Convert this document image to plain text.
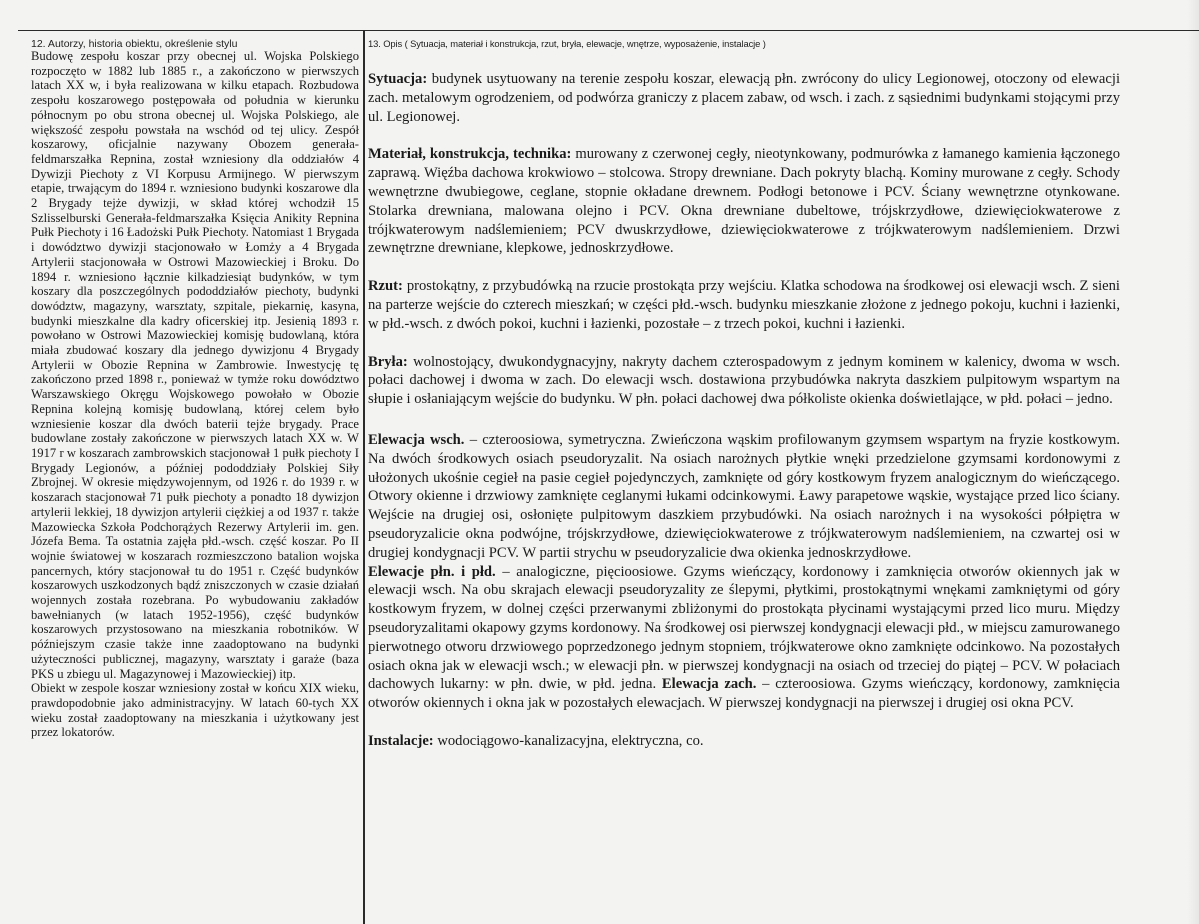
12. Autorzy, historia obiektu, określenie stylu	13. Opis ( Sytuacja, materiał i konstrukcja, rzut, bryła, elewacje, wnętrze, wyposażenie, instalacje )

Budowę zespołu koszar przy obecnej ul. Wojska Polskiego rozpoczęto w 1882 lub 1885 r., a zakończono w pierwszych latach XX w, i była realizowana w kilku etapach. Rozbudowa zespołu koszarowego postępowała od południa w kierunku północnym po obu strona obecnej ul. Wojska Polskiego, ale większość zespołu powstała na wschód od tej ulicy. Zespół koszarowy, oficjalnie nazywany Obozem generała-feldmarszałka Repnina, został wzniesiony dla oddziałów 4 Dywizji Piechoty z VI Korpusu Armijnego. W pierwszym etapie, trwającym do 1894 r. wzniesiono budynki koszarowe dla 2 Brygady tejże dywizji, w skład której wchodził 15 Szlisselburski Generała-feldmarszałka Księcia Anikity Repnina Pułk Piechoty i 16 Ładożski Pułk Piechoty. Natomiast 1 Brygada i dowództwo dywizji stacjonowało w Łomży a 4 Brygada Artylerii stacjonowała w Ostrowi Mazowieckiej i Broku. Do 1894 r. wzniesiono łącznie kilkadziesiąt budynków, w tym koszary dla poszczególnych pododdziałów piechoty, budynki dowództw, magazyny, warsztaty, szpitale, piekarnię, kasyna, budynki mieszkalne dla kadry oficerskiej itp. Jesienią 1893 r. powołano w Ostrowi Mazowieckiej komisję budowlaną, która miała zbudować koszary dla jednego dywizjonu 4 Brygady Artylerii w Obozie Repnina w Zambrowie. Inwestycję tę zakończono przed 1898 r., ponieważ w tymże roku dowództwo Warszawskiego Okręgu Wojskowego powołało w Obozie Repnina kolejną komisję budowlaną, której celem było wzniesienie koszar dla dwóch baterii tejże brygady. Prace budowlane zostały zakończone w pierwszych latach XX w. W 1917 r w koszarach zambrowskich stacjonował 1 pułk piechoty I Brygady Legionów, a później pododdziały Polskiej Siły Zbrojnej. W okresie międzywojennym, od 1926 r. do 1939 r. w koszarach stacjonował 71 pułk piechoty a ponadto 18 dywizjon artylerii lekkiej, 18 dywizjon artylerii ciężkiej a od 1937 r. także Mazowiecka Szkoła Podchorążych Rezerwy Artylerii im. gen. Józefa Bema. Ta ostatnia zajęła płd.-wsch. część koszar. Po II wojnie światowej w koszarach rozmieszczono batalion wojska pancernych, który stacjonował tu do 1951 r. Część budynków koszarowych uszkodzonych bądź zniszczonych w czasie działań wojennych została rozebrana. Po wybudowaniu zakładów bawełnianych (w latach 1952-1956), część budynków koszarowych przystosowano na mieszkania robotników. W późniejszym czasie także inne zaadoptowano na budynki użyteczności publicznej, magazyny, warsztaty i garaże (baza PKS u zbiegu ul. Magazynowej i Mazowieckiej) itp.

Obiekt w zespole koszar wzniesiony został w końcu XIX wieku, prawdopodobnie jako administracyjny. W latach 60-tych XX wieku został zaadoptowany na mieszkania i użytkowany jest przez lokatorów.

Sytuacja: budynek usytuowany na terenie zespołu koszar, elewacją płn. zwrócony do ulicy Legionowej, otoczony od elewacji zach. metalowym ogrodzeniem, od podwórza graniczy z placem zabaw, od wsch. i zach. z sąsiednimi budynkami stojącymi przy ul. Legionowej.

Materiał, konstrukcja, technika: murowany z czerwonej cegły, nieotynkowany, podmurówka z łamanego kamienia łączonego zaprawą. Więźba dachowa krokwiowo – stolcowa. Stropy drewniane. Dach pokryty blachą. Kominy murowane z cegły. Schody wewnętrzne dwubiegowe, ceglane, stopnie okładane drewnem. Podłogi betonowe i PCV. Ściany wewnętrzne otynkowane. Stolarka drewniana, malowana olejno i PCV. Okna drewniane dubeltowe, trójskrzydłowe, dziewięciokwaterowe z trójkwaterowym nadślemieniem; PCV dwuskrzydłowe, dziewięciokwaterowe z trójkwaterowym nadślemieniem. Drzwi zewnętrzne drewniane, klepkowe, jednoskrzydłowe.

Rzut: prostokątny, z przybudówką na rzucie prostokąta przy wejściu. Klatka schodowa na środkowej osi elewacji wsch. Z sieni na parterze wejście do czterech mieszkań; w części płd.-wsch. budynku mieszkanie złożone z jednego pokoju, kuchni i łazienki, w płd.-wsch. z dwóch pokoi, kuchni i łazienki, pozostałe – z trzech pokoi, kuchni i łazienki.

Bryła: wolnostojący, dwukondygnacyjny, nakryty dachem czterospadowym z jednym kominem w kalenicy, dwoma w wsch. połaci dachowej i dwoma w zach. Do elewacji wsch. dostawiona przybudówka nakryta daszkiem pulpitowym wspartym na słupie i osłaniającym wejście do budynku. W płn. połaci dachowej dwa półkoliste okienka doświetlające, w płd. połaci – jedno.

Elewacja wsch. – czteroosiowa, symetryczna. Zwieńczona wąskim profilowanym gzymsem wspartym na fryzie kostkowym. Na dwóch środkowych osiach pseudoryzalit. Na osiach narożnych płytkie wnęki przedzielone gzymsami kordonowymi z ułożonych ukośnie cegieł na pasie cegieł pojedynczych, zamknięte od góry kostkowym fryzem analogicznym do wieńczącego. Otwory okienne i drzwiowy zamknięte ceglanymi łukami odcinkowymi. Ławy parapetowe wąskie, wystające przed lico ściany. Wejście na drugiej osi, osłonięte pulpitowym daszkiem przybudówki. Na osiach narożnych i na wysokości półpiętra w pseudoryzalicie okna podwójne, trójskrzydłowe, dziewięciokwaterowe z trójkwaterowym nadślemieniem, na czwartej osi w drugiej kondygnacji PCV. W partii strychu w pseudoryzalicie dwa okienka jednoskrzydłowe.

Elewacje płn. i płd. – analogiczne, pięcioosiowe. Gzyms wieńczący, kordonowy i zamknięcia otworów okiennych jak w elewacji wsch. Na obu skrajach elewacji pseudoryzality ze ślepymi, płytkimi, prostokątnymi wnękami zamkniętymi od góry kostkowym fryzem, w dolnej części przerwanymi zbliżonymi do prostokąta płycinami wystającymi przed lico muru. Między pseudoryzalitami okapowy gzyms kordonowy. Na środkowej osi pierwszej kondygnacji elewacji płd., w miejscu zamurowanego pierwotnego otworu drzwiowego poprzedzonego jednym stopniem, trójkwaterowe okno zamknięte odcinkowo. Na pozostałych osiach okna jak w elewacji wsch.; w elewacji płn. w pierwszej kondygnacji na osiach od trzeciej do piątej – PCV. W połaciach dachowych lukarny: w płn. dwie, w płd. jedna. Elewacja zach. – czteroosiowa. Gzyms wieńczący, kordonowy, zamknięcia otworów okiennych i okna jak w pozostałych elewacjach. W pierwszej kondygnacji na pierwszej i drugiej osi okna PCV.

Instalacje: wodociągowo-kanalizacyjna, elektryczna, co.
